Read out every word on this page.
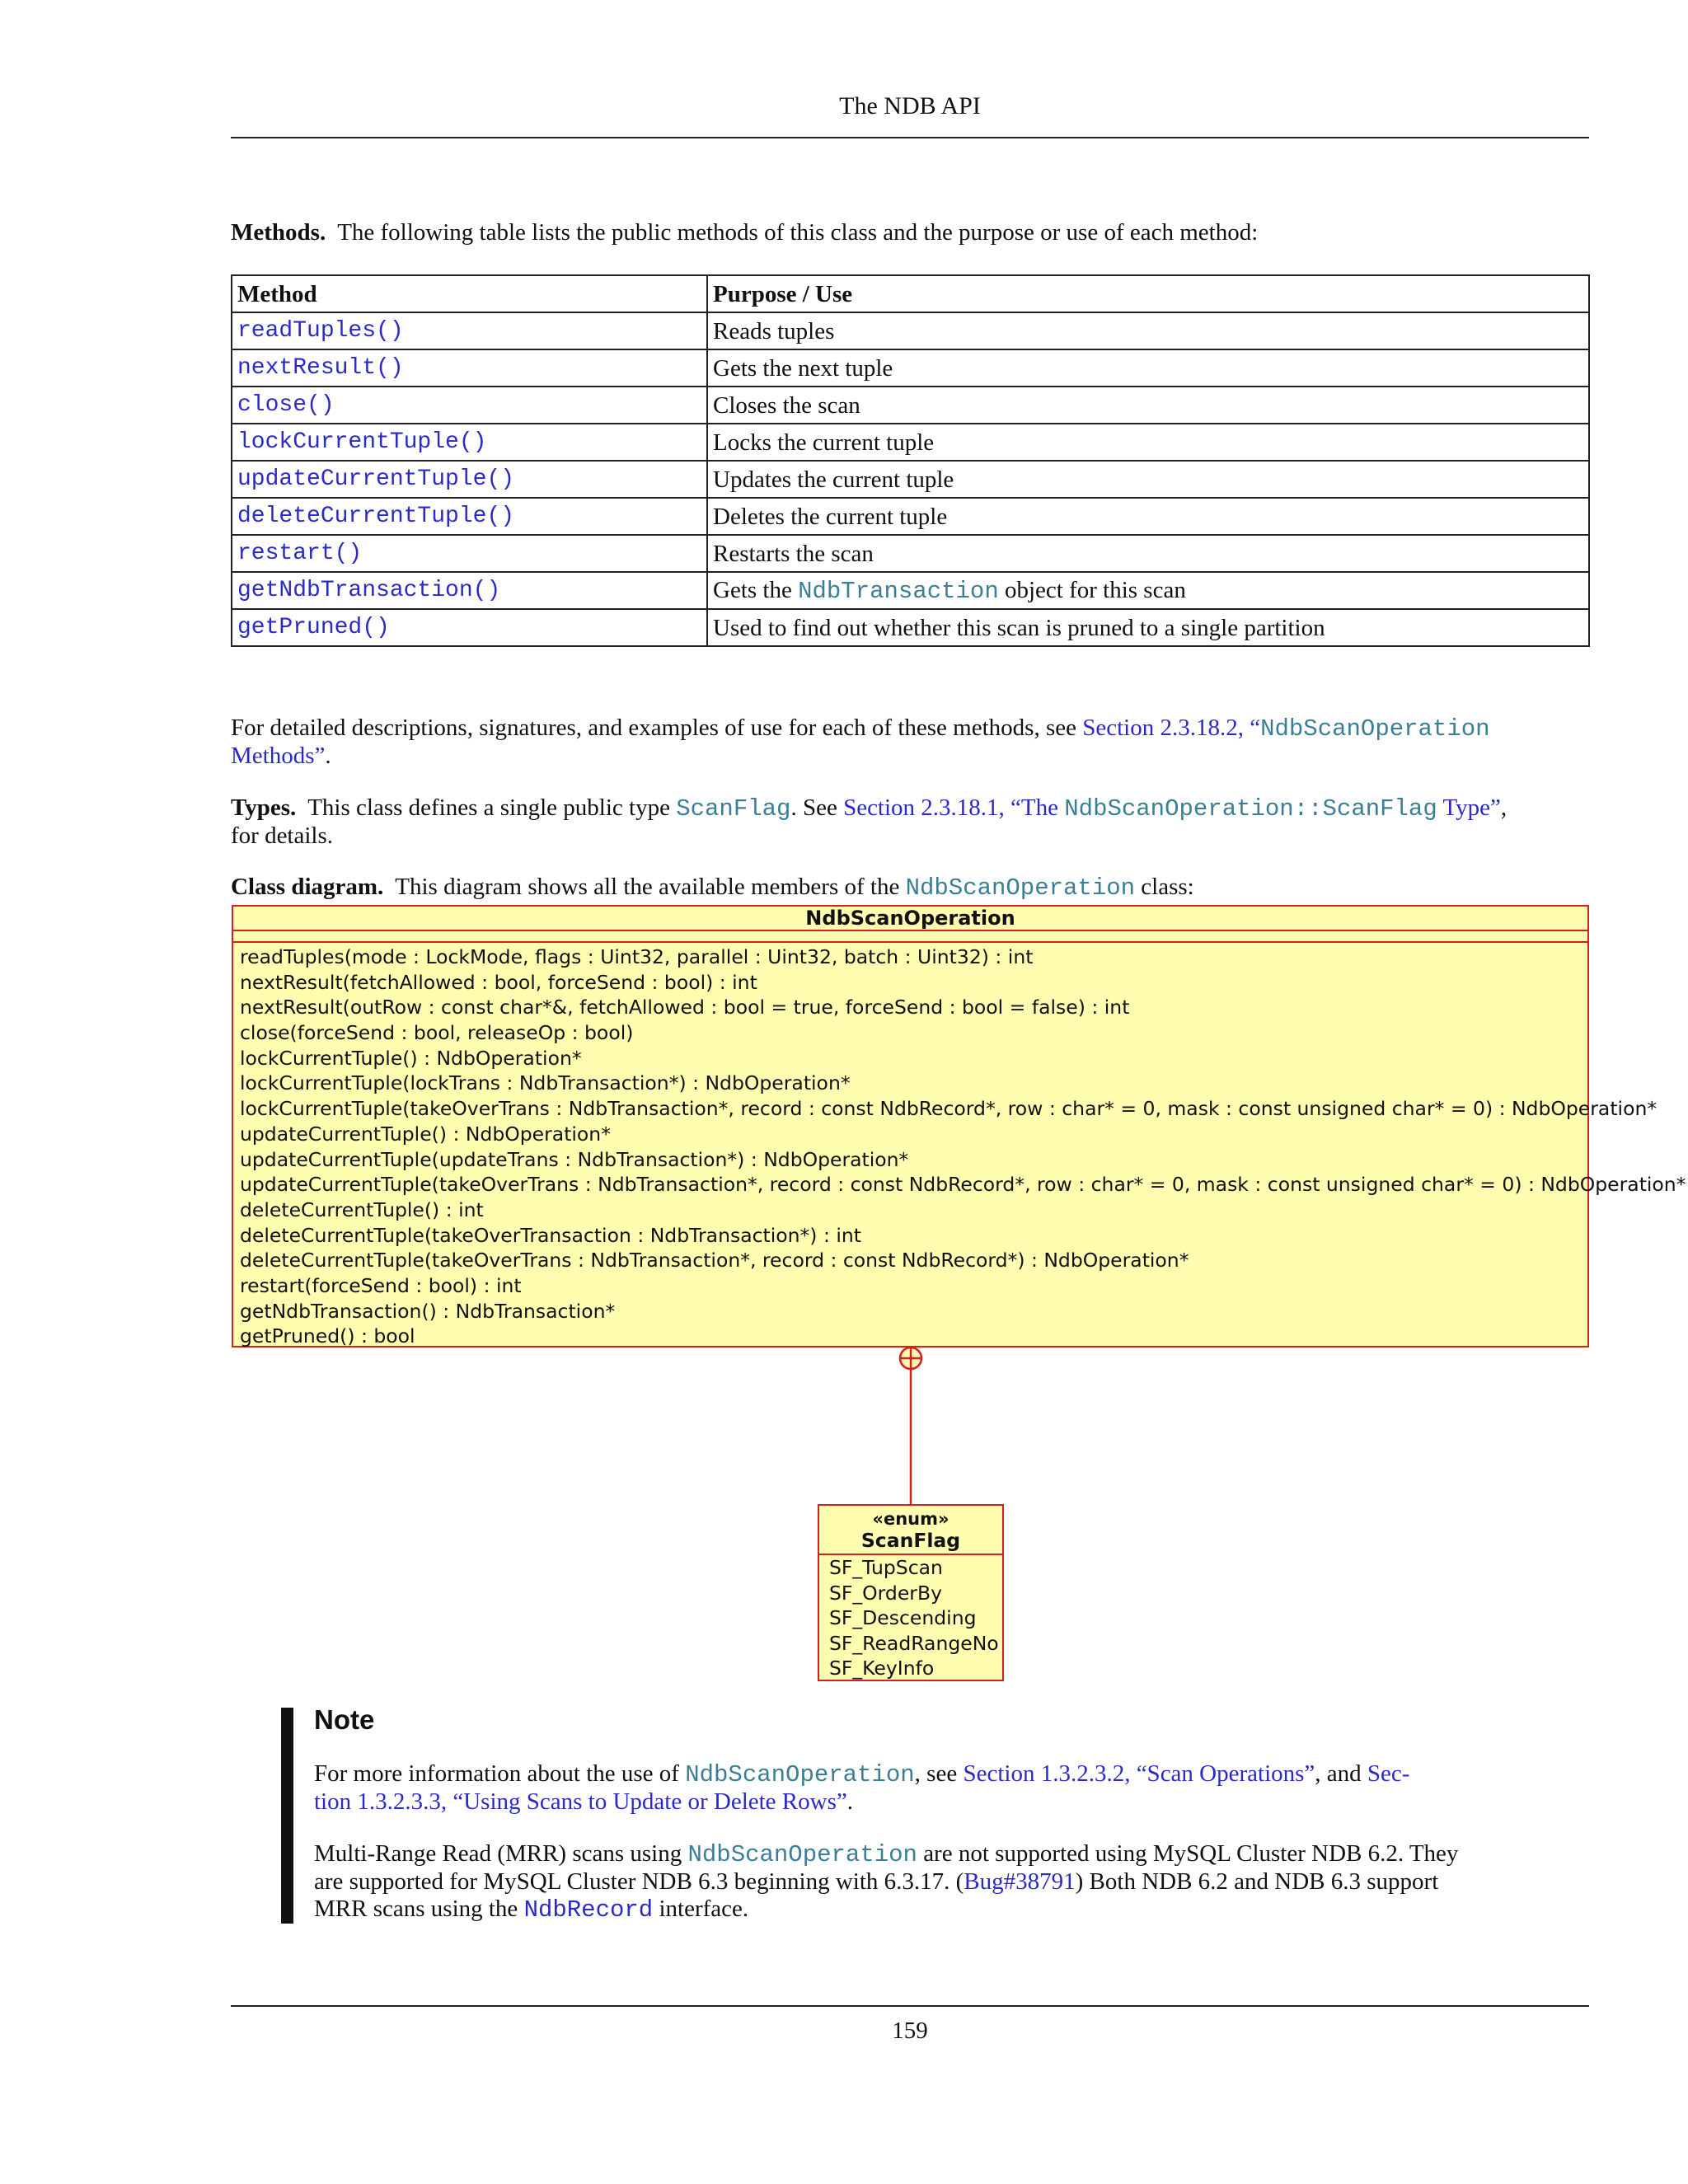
The NDB API
Methods. The following table lists the public methods of this class and the purpose or use of each method:
Method	Purpose / Use
readTuples()	Reads tuples
nextResult()	Gets the next tuple
close()	Closes the scan
lockCurrentTuple()	Locks the current tuple
updateCurrentTuple()	Updates the current tuple
deleteCurrentTuple()	Deletes the current tuple
restart()	Restarts the scan
getNdbTransaction()	Gets the NdbTransaction object for this scan
getPruned()	Used to find out whether this scan is pruned to a single partition
For detailed descriptions, signatures, and examples of use for each of these methods, see Section 2.3.18.2, “NdbScanOperation
Methods”.
Types. This class defines a single public type ScanFlag. See Section 2.3.18.1, “The NdbScanOperation::ScanFlag Type”,
for details.
Class diagram. This diagram shows all the available members of the NdbScanOperation class:
NdbScanOperation
readTuples(mode : LockMode, flags : Uint32, parallel : Uint32, batch : Uint32) : int
nextResult(fetchAllowed : bool, forceSend : bool) : int
nextResult(outRow : const char*&, fetchAllowed : bool = true, forceSend : bool = false) : int
close(forceSend : bool, releaseOp : bool)
lockCurrentTuple() : NdbOperation*
lockCurrentTuple(lockTrans : NdbTransaction*) : NdbOperation*
lockCurrentTuple(takeOverTrans : NdbTransaction*, record : const NdbRecord*, row : char* = 0, mask : const unsigned char* = 0) : NdbOperation*
updateCurrentTuple() : NdbOperation*
updateCurrentTuple(updateTrans : NdbTransaction*) : NdbOperation*
updateCurrentTuple(takeOverTrans : NdbTransaction*, record : const NdbRecord*, row : char* = 0, mask : const unsigned char* = 0) : NdbOperation*
deleteCurrentTuple() : int
deleteCurrentTuple(takeOverTransaction : NdbTransaction*) : int
deleteCurrentTuple(takeOverTrans : NdbTransaction*, record : const NdbRecord*) : NdbOperation*
restart(forceSend : bool) : int
getNdbTransaction() : NdbTransaction*
getPruned() : bool
«enum»
ScanFlag
SF_TupScan
SF_OrderBy
SF_Descending
SF_ReadRangeNo
SF_KeyInfo
Note
For more information about the use of NdbScanOperation, see Section 1.3.2.3.2, “Scan Operations”, and Sec-
tion 1.3.2.3.3, “Using Scans to Update or Delete Rows”.
Multi-Range Read (MRR) scans using NdbScanOperation are not supported using MySQL Cluster NDB 6.2. They
are supported for MySQL Cluster NDB 6.3 beginning with 6.3.17. (Bug#38791) Both NDB 6.2 and NDB 6.3 support
MRR scans using the NdbRecord interface.
159
